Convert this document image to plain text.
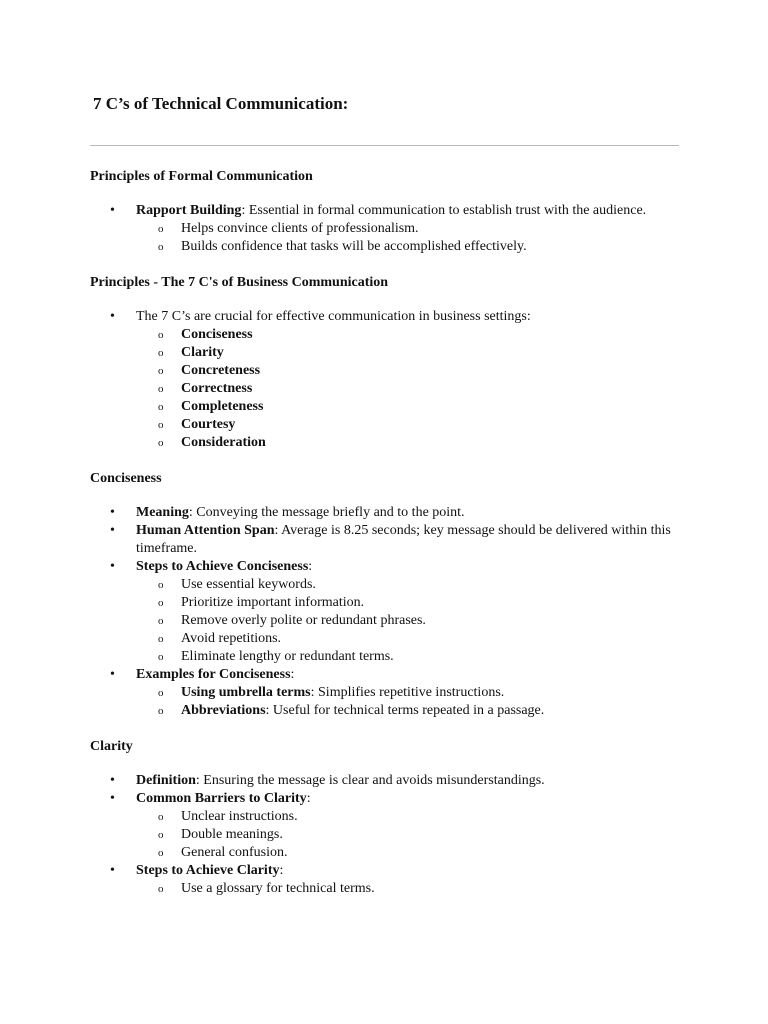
7 C’s of Technical Communication:
Principles of Formal Communication
• Rapport Building: Essential in formal communication to establish trust with the audience.
o Helps convince clients of professionalism.
o Builds confidence that tasks will be accomplished effectively.
Principles - The 7 C's of Business Communication
• The 7 C’s are crucial for effective communication in business settings:
o Conciseness
o Clarity
o Concreteness
o Correctness
o Completeness
o Courtesy
o Consideration
Conciseness
• Meaning: Conveying the message briefly and to the point.
• Human Attention Span: Average is 8.25 seconds; key message should be delivered within this timeframe.
• Steps to Achieve Conciseness:
o Use essential keywords.
o Prioritize important information.
o Remove overly polite or redundant phrases.
o Avoid repetitions.
o Eliminate lengthy or redundant terms.
• Examples for Conciseness:
o Using umbrella terms: Simplifies repetitive instructions.
o Abbreviations: Useful for technical terms repeated in a passage.
Clarity
• Definition: Ensuring the message is clear and avoids misunderstandings.
• Common Barriers to Clarity:
o Unclear instructions.
o Double meanings.
o General confusion.
• Steps to Achieve Clarity:
o Use a glossary for technical terms.
